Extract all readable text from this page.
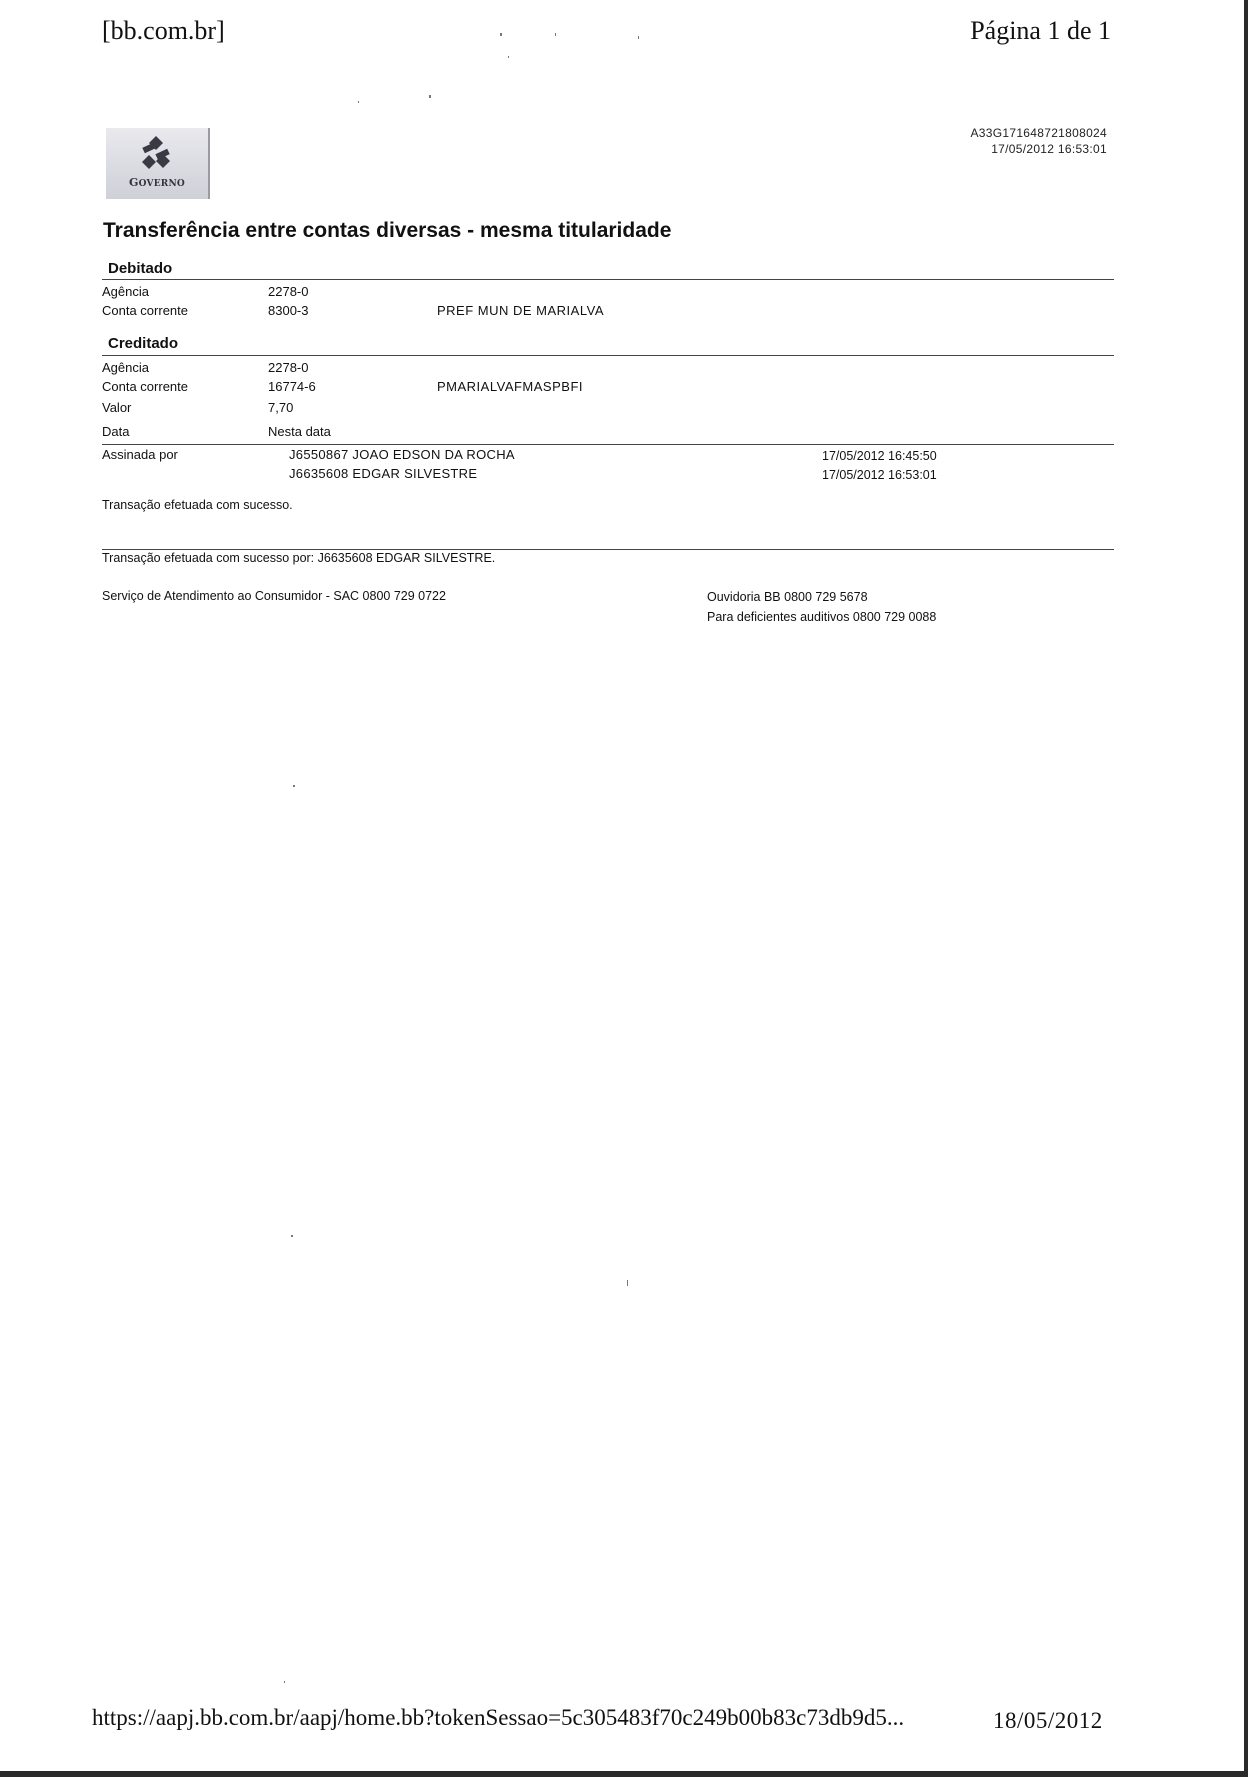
[bb.com.br]	Página 1 de 1
GOVERNO
A33G171648721808024
17/05/2012 16:53:01
Transferência entre contas diversas - mesma titularidade
Debitado
Agência	2278-0
Conta corrente	8300-3	PREF MUN DE MARIALVA
Creditado
Agência	2278-0
Conta corrente	16774-6	PMARIALVAFMASPBFI
Valor	7,70
Data	Nesta data
Assinada por	J6550867 JOAO EDSON DA ROCHA	17/05/2012 16:45:50
J6635608 EDGAR SILVESTRE	17/05/2012 16:53:01
Transação efetuada com sucesso.
Transação efetuada com sucesso por: J6635608 EDGAR SILVESTRE.
Serviço de Atendimento ao Consumidor - SAC 0800 729 0722	Ouvidoria BB 0800 729 5678
Para deficientes auditivos 0800 729 0088
https://aapj.bb.com.br/aapj/home.bb?tokenSessao=5c305483f70c249b00b83c73db9d5...	18/05/2012
